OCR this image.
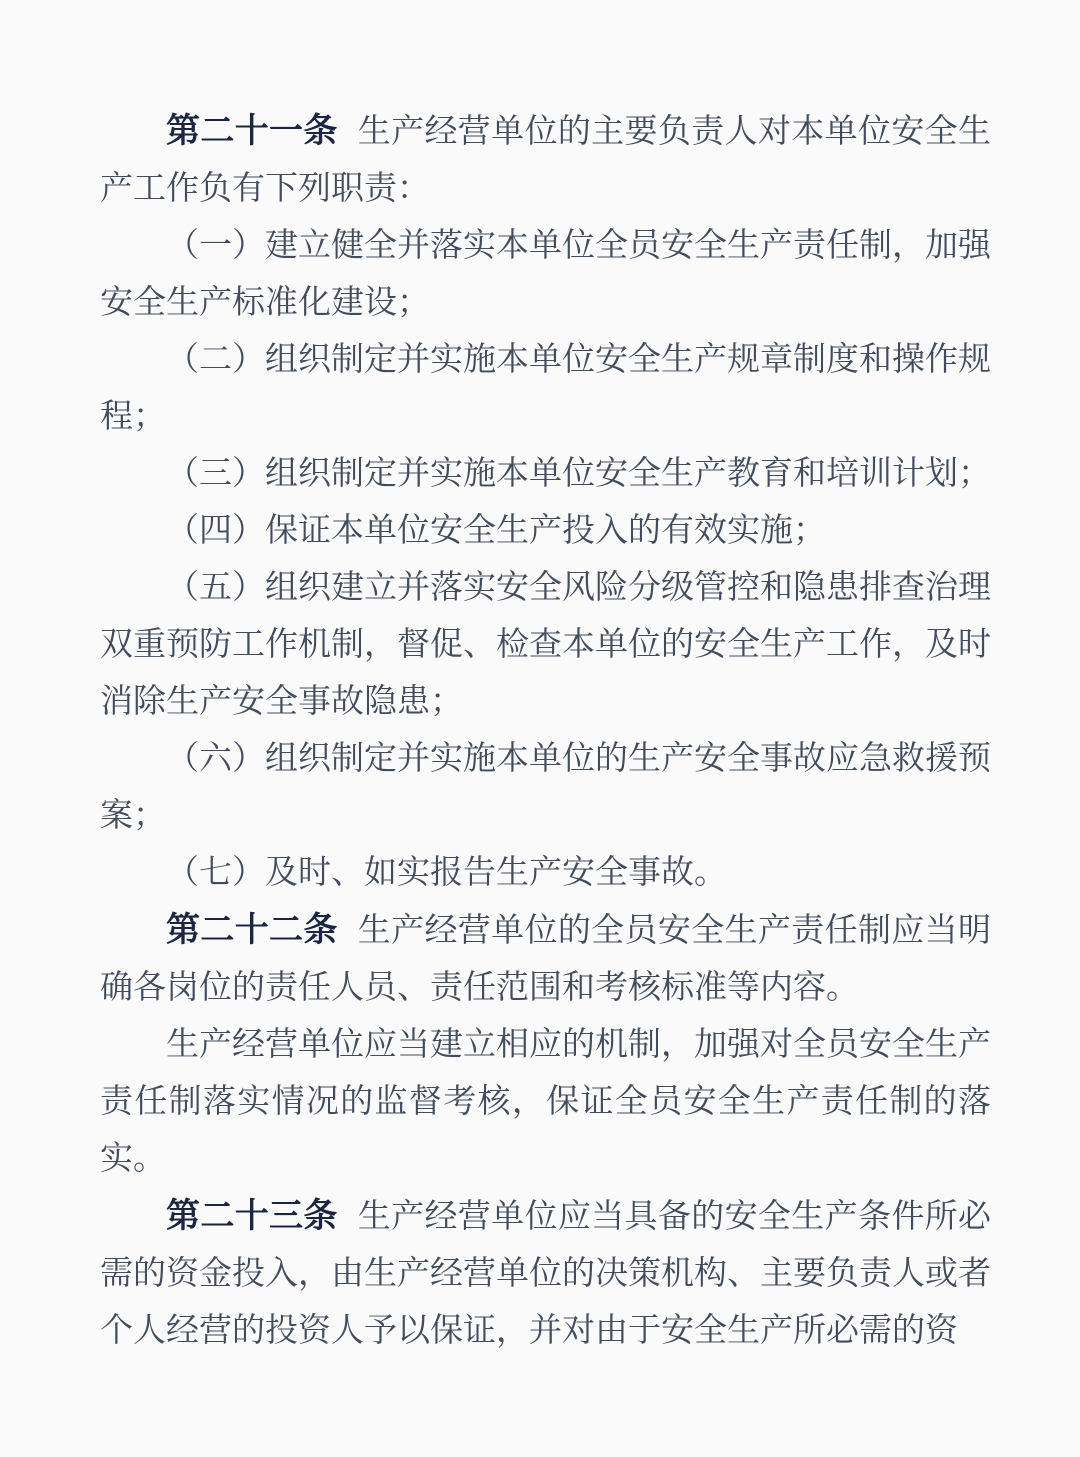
第二十一条 生产经营单位的主要负责人对本单位安全生产工作负有下列职责：

（一）建立健全并落实本单位全员安全生产责任制，加强安全生产标准化建设；

（二）组织制定并实施本单位安全生产规章制度和操作规程；

（三）组织制定并实施本单位安全生产教育和培训计划；

（四）保证本单位安全生产投入的有效实施；

（五）组织建立并落实安全风险分级管控和隐患排查治理双重预防工作机制，督促、检查本单位的安全生产工作，及时消除生产安全事故隐患；

（六）组织制定并实施本单位的生产安全事故应急救援预案；

（七）及时、如实报告生产安全事故。

第二十二条 生产经营单位的全员安全生产责任制应当明确各岗位的责任人员、责任范围和考核标准等内容。

生产经营单位应当建立相应的机制，加强对全员安全生产责任制落实情况的监督考核，保证全员安全生产责任制的落实。

第二十三条 生产经营单位应当具备的安全生产条件所必需的资金投入，由生产经营单位的决策机构、主要负责人或者个人经营的投资人予以保证，并对由于安全生产所必需的资
